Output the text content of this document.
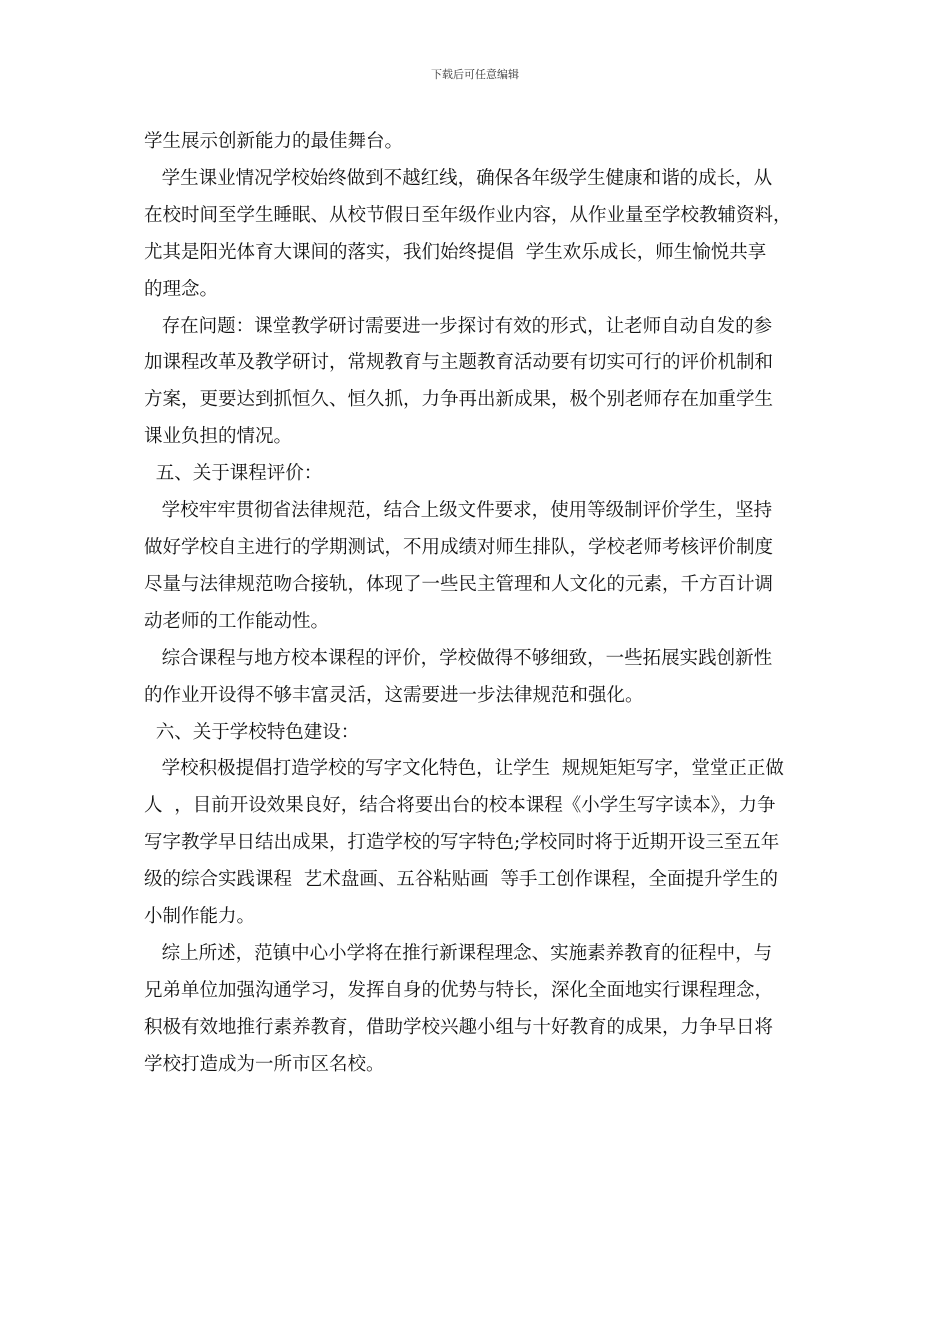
下载后可任意编辑

学生展示创新能力的最佳舞台。

学生课业情况学校始终做到不越红线，确保各年级学生健康和谐的成长，从

在校时间至学生睡眠、从校节假日至年级作业内容，从作业量至学校教辅资料，

尤其是阳光体育大课间的落实，我们始终提倡  学生欢乐成长，师生愉悦共享

的理念。

存在问题：课堂教学研讨需要进一步探讨有效的形式，让老师自动自发的参

加课程改革及教学研讨，常规教育与主题教育活动要有切实可行的评价机制和

方案，更要达到抓恒久、恒久抓，力争再出新成果，极个别老师存在加重学生

课业负担的情况。

五、关于课程评价：

学校牢牢贯彻省法律规范，结合上级文件要求，使用等级制评价学生，坚持

做好学校自主进行的学期测试，不用成绩对师生排队，学校老师考核评价制度

尽量与法律规范吻合接轨，体现了一些民主管理和人文化的元素，千方百计调

动老师的工作能动性。

综合课程与地方校本课程的评价，学校做得不够细致，一些拓展实践创新性

的作业开设得不够丰富灵活，这需要进一步法律规范和强化。

六、关于学校特色建设：

学校积极提倡打造学校的写字文化特色，让学生  规规矩矩写字，堂堂正正做

人  ，目前开设效果良好，结合将要出台的校本课程《小学生写字读本》，力争

写字教学早日结出成果，打造学校的写字特色;学校同时将于近期开设三至五年

级的综合实践课程  艺术盘画、五谷粘贴画  等手工创作课程，全面提升学生的

小制作能力。

综上所述，范镇中心小学将在推行新课程理念、实施素养教育的征程中，与

兄弟单位加强沟通学习，发挥自身的优势与特长，深化全面地实行课程理念，

积极有效地推行素养教育，借助学校兴趣小组与十好教育的成果，力争早日将

学校打造成为一所市区名校。
